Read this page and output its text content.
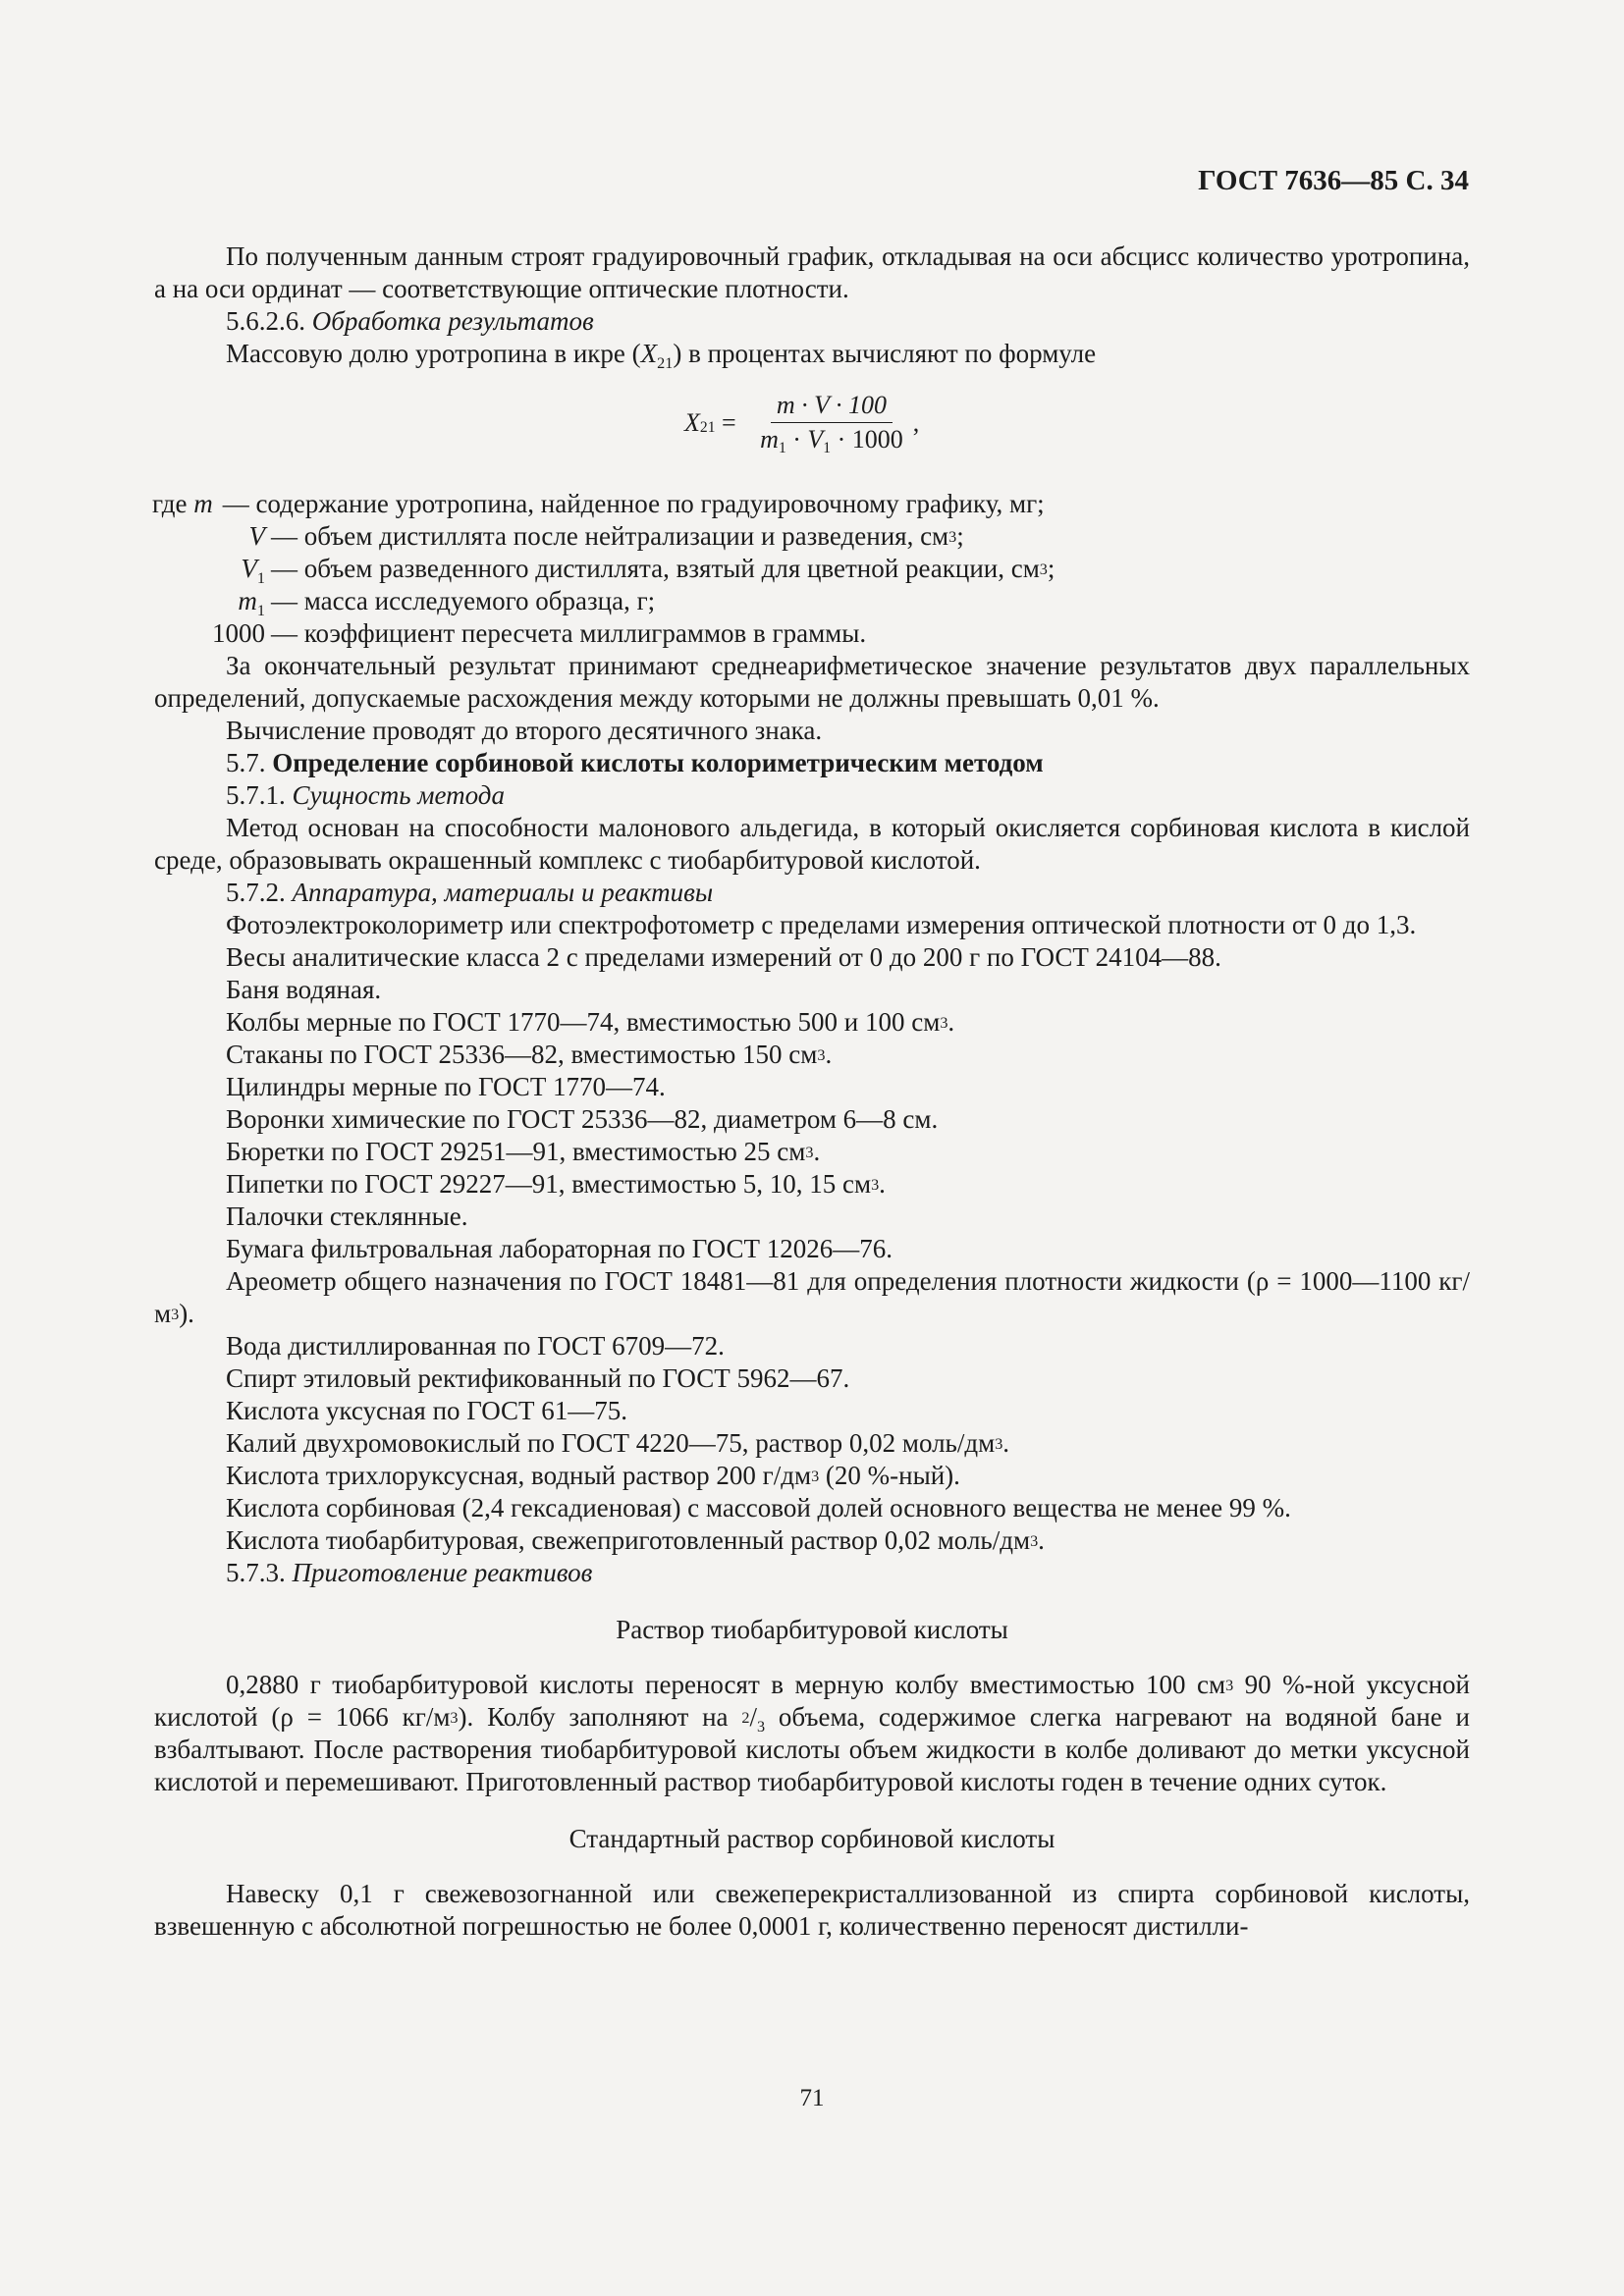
ГОСТ 7636—85 С. 34

По полученным данным строят градуировочный график, откладывая на оси абсцисс количество уротропина, а на оси ординат — соответствующие оптические плотности.

5.6.2.6. Обработка результатов

Массовую долю уротропина в икре $(X_{21})$ в процентах вычисляют по формуле

$X_{21} = \frac{m \cdot V \cdot 100}{m_1 \cdot V_1 \cdot 1000}$ ,
где m — содержание уротропина, найденное по градуировочному графику, мг;
V — объем дистиллята после нейтрализации и разведения, $см^3$;
$V_1$ — объем разведенного дистиллята, взятый для цветной реакции, $см^3$;
$m_1$ — масса исследуемого образца, г;
1000 — коэффициент пересчета миллиграммов в граммы.

За окончательный результат принимают среднеарифметическое значение результатов двух параллельных определений, допускаемые расхождения между которыми не должны превышать 0,01 %.

Вычисление проводят до второго десятичного знака.

5.7. Определение сорбиновой кислоты колориметрическим методом

5.7.1. Сущность метода

Метод основан на способности малонового альдегида, в который окисляется сорбиновая кислота в кислой среде, образовывать окрашенный комплекс с тиобарбитуровой кислотой.

5.7.2. Аппаратура, материалы и реактивы

Фотоэлектроколориметр или спектрофотометр с пределами измерения оптической плотности от 0 до 1,3.

Весы аналитические класса 2 с пределами измерений от 0 до 200 г по ГОСТ 24104—88.

Баня водяная.

Колбы мерные по ГОСТ 1770—74, вместимостью 500 и 100 $см^3$.

Стаканы по ГОСТ 25336—82, вместимостью 150 $см^3$.

Цилиндры мерные по ГОСТ 1770—74.

Воронки химические по ГОСТ 25336—82, диаметром 6—8 см.

Бюретки по ГОСТ 29251—91, вместимостью 25 $см^3$.

Пипетки по ГОСТ 29227—91, вместимостью 5, 10, 15 $см^3$.

Палочки стеклянные.

Бумага фильтровальная лабораторная по ГОСТ 12026—76.

Ареометр общего назначения по ГОСТ 18481—81 для определения плотности жидкости (ρ = 1000—1100 $кг/м^3$).

Вода дистиллированная по ГОСТ 6709—72.

Спирт этиловый ректификованный по ГОСТ 5962—67.

Кислота уксусная по ГОСТ 61—75.

Калий двухромовокислый по ГОСТ 4220—75, раствор 0,02 моль/$дм^3$.

Кислота трихлоруксусная, водный раствор 200 $г/дм^3$ (20 %-ный).

Кислота сорбиновая (2,4 гексадиеновая) с массовой долей основного вещества не менее 99 %.

Кислота тиобарбитуровая, свежеприготовленный раствор 0,02 моль/$дм^3$.

5.7.3. Приготовление реактивов

Раствор тиобарбитуровой кислоты

0,2880 г тиобарбитуровой кислоты переносят в мерную колбу вместимостью 100 $см^3$ 90 %-ной уксусной кислотой (ρ = 1066 $кг/м^3$). Колбу заполняют на $^2/_3$ объема, содержимое слегка нагревают на водяной бане и взбалтывают. После растворения тиобарбитуровой кислоты объем жидкости в колбе доливают до метки уксусной кислотой и перемешивают. Приготовленный раствор тиобарбитуровой кислоты годен в течение одних суток.

Стандартный раствор сорбиновой кислоты

Навеску 0,1 г свежевозогнанной или свежеперекристаллизованной из спирта сорбиновой кислоты, взвешенную с абсолютной погрешностью не более 0,0001 г, количественно переносят дистилли-

71
